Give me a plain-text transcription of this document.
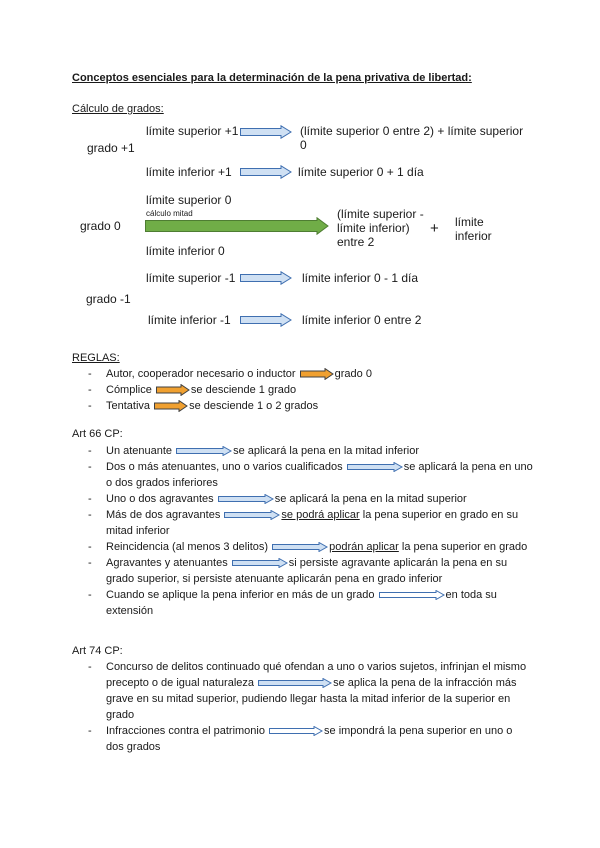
Conceptos esenciales para la determinación de la pena privativa de libertad:
Cálculo de grados:
grado +1
límite superior +1	(límite superior 0 entre 2) + límite superior 0
límite inferior +1	límite superior 0 + 1 día
límite superior 0
cálculo mitad
grado 0
(límite superior - límite inferior) entre 2
+ límite inferior
límite inferior 0
límite superior -1	límite inferior 0 - 1 día
grado -1
límite inferior -1	límite inferior 0 entre 2
REGLAS:
- Autor, cooperador necesario o inductor	grado 0
- Cómplice	se desciende 1 grado
- Tentativa	se desciende 1 o 2 grados
Art 66 CP:
- Un atenuante	se aplicará la pena en la mitad inferior
- Dos o más atenuantes, uno o varios cualificados	se aplicará la pena en uno o dos grados inferiores
- Uno o dos agravantes	se aplicará la pena en la mitad superior
- Más de dos agravantes	se podrá aplicar la pena superior en grado en su mitad inferior
- Reincidencia (al menos 3 delitos)	podrán aplicar la pena superior en grado
- Agravantes y atenuantes	si persiste agravante aplicarán la pena en su grado superior, si persiste atenuante aplicarán pena en grado inferior
- Cuando se aplique la pena inferior en más de un grado	en toda su extensión
Art 74 CP:
- Concurso de delitos continuado qué ofendan a uno o varios sujetos, infrinjan el mismo precepto o de igual naturaleza	se aplica la pena de la infracción más grave en su mitad superior, pudiendo llegar hasta la mitad inferior de la superior en grado
- Infracciones contra el patrimonio	se impondrá la pena superior en uno o dos grados
